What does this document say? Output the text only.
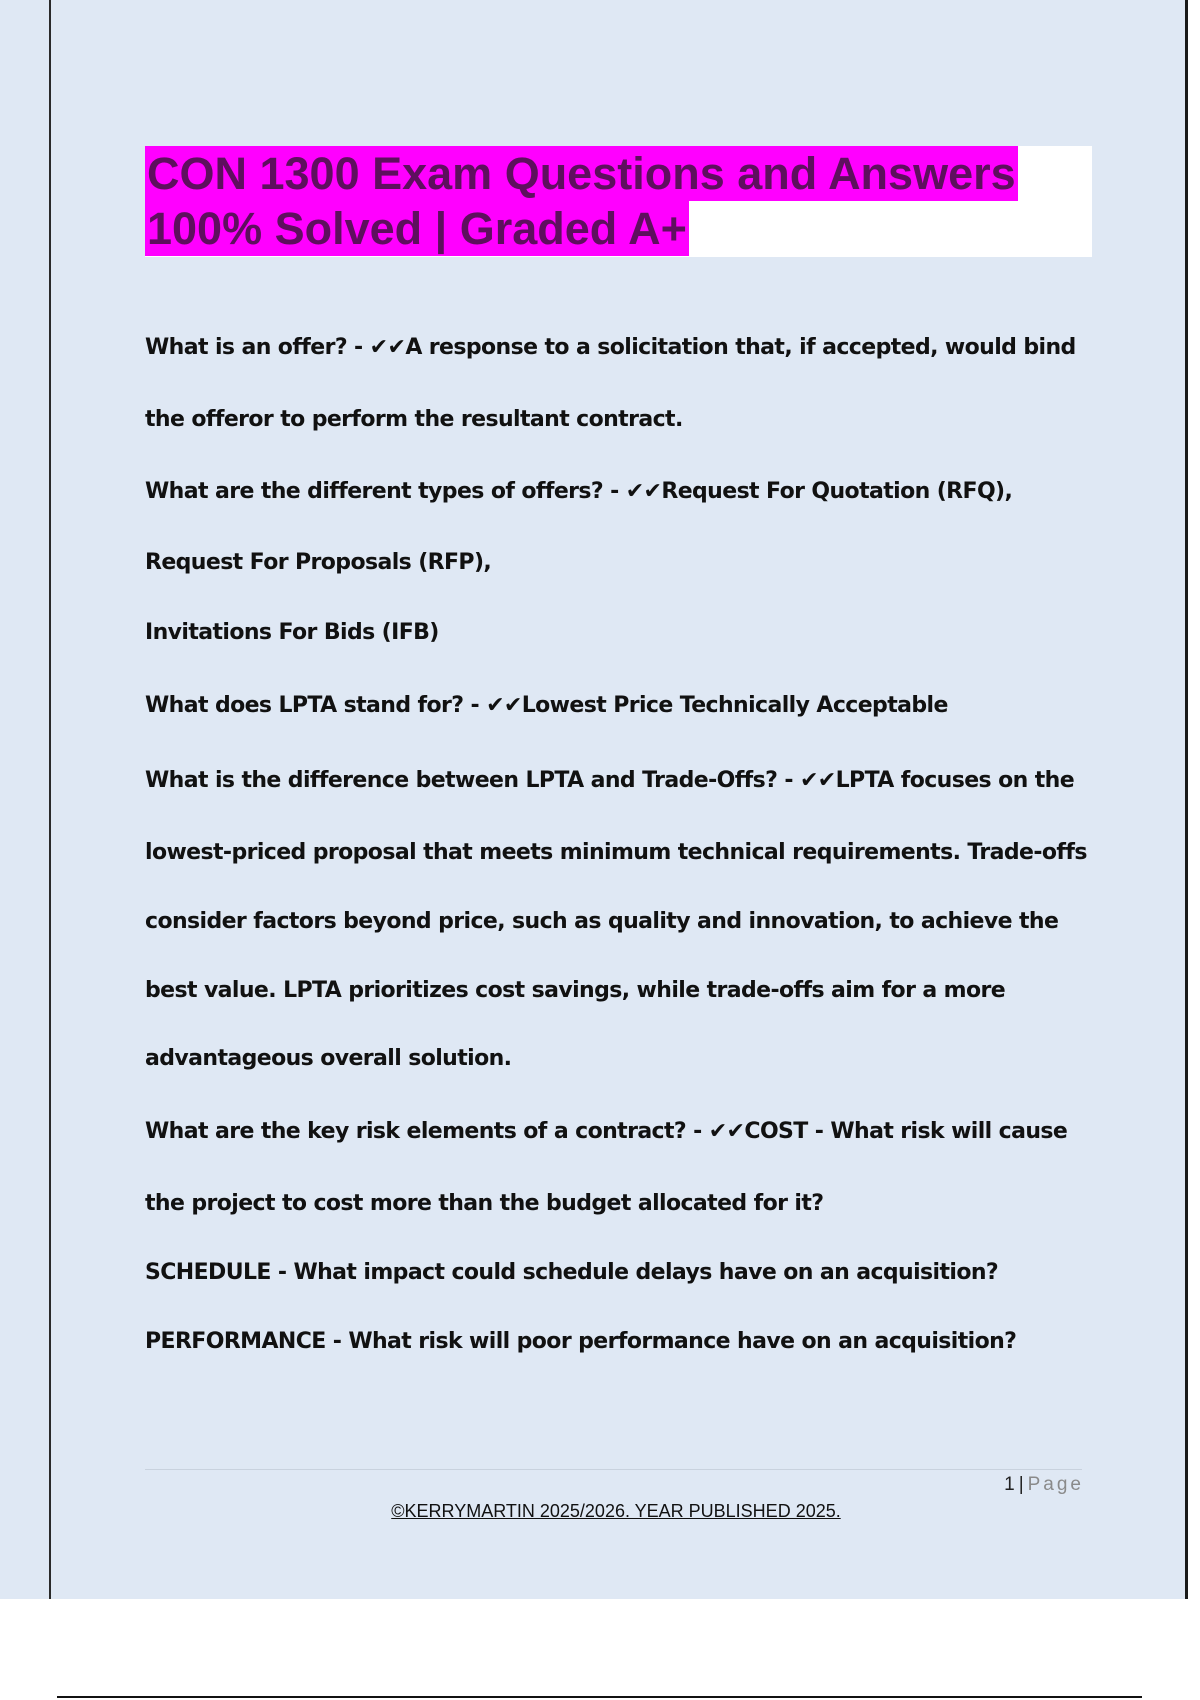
CON 1300 Exam Questions and Answers
100% Solved | Graded A+

What is an offer? - ✔✔A response to a solicitation that, if accepted, would bind

the offeror to perform the resultant contract.

What are the different types of offers? - ✔✔Request For Quotation (RFQ),

Request For Proposals (RFP),

Invitations For Bids (IFB)

What does LPTA stand for? - ✔✔Lowest Price Technically Acceptable

What is the difference between LPTA and Trade-Offs? - ✔✔LPTA focuses on the

lowest-priced proposal that meets minimum technical requirements. Trade-offs

consider factors beyond price, such as quality and innovation, to achieve the

best value. LPTA prioritizes cost savings, while trade-offs aim for a more

advantageous overall solution.

What are the key risk elements of a contract? - ✔✔COST - What risk will cause

the project to cost more than the budget allocated for it?

SCHEDULE - What impact could schedule delays have on an acquisition?

PERFORMANCE - What risk will poor performance have on an acquisition?

1 | Page
©KERRYMARTIN 2025/2026. YEAR PUBLISHED 2025.
